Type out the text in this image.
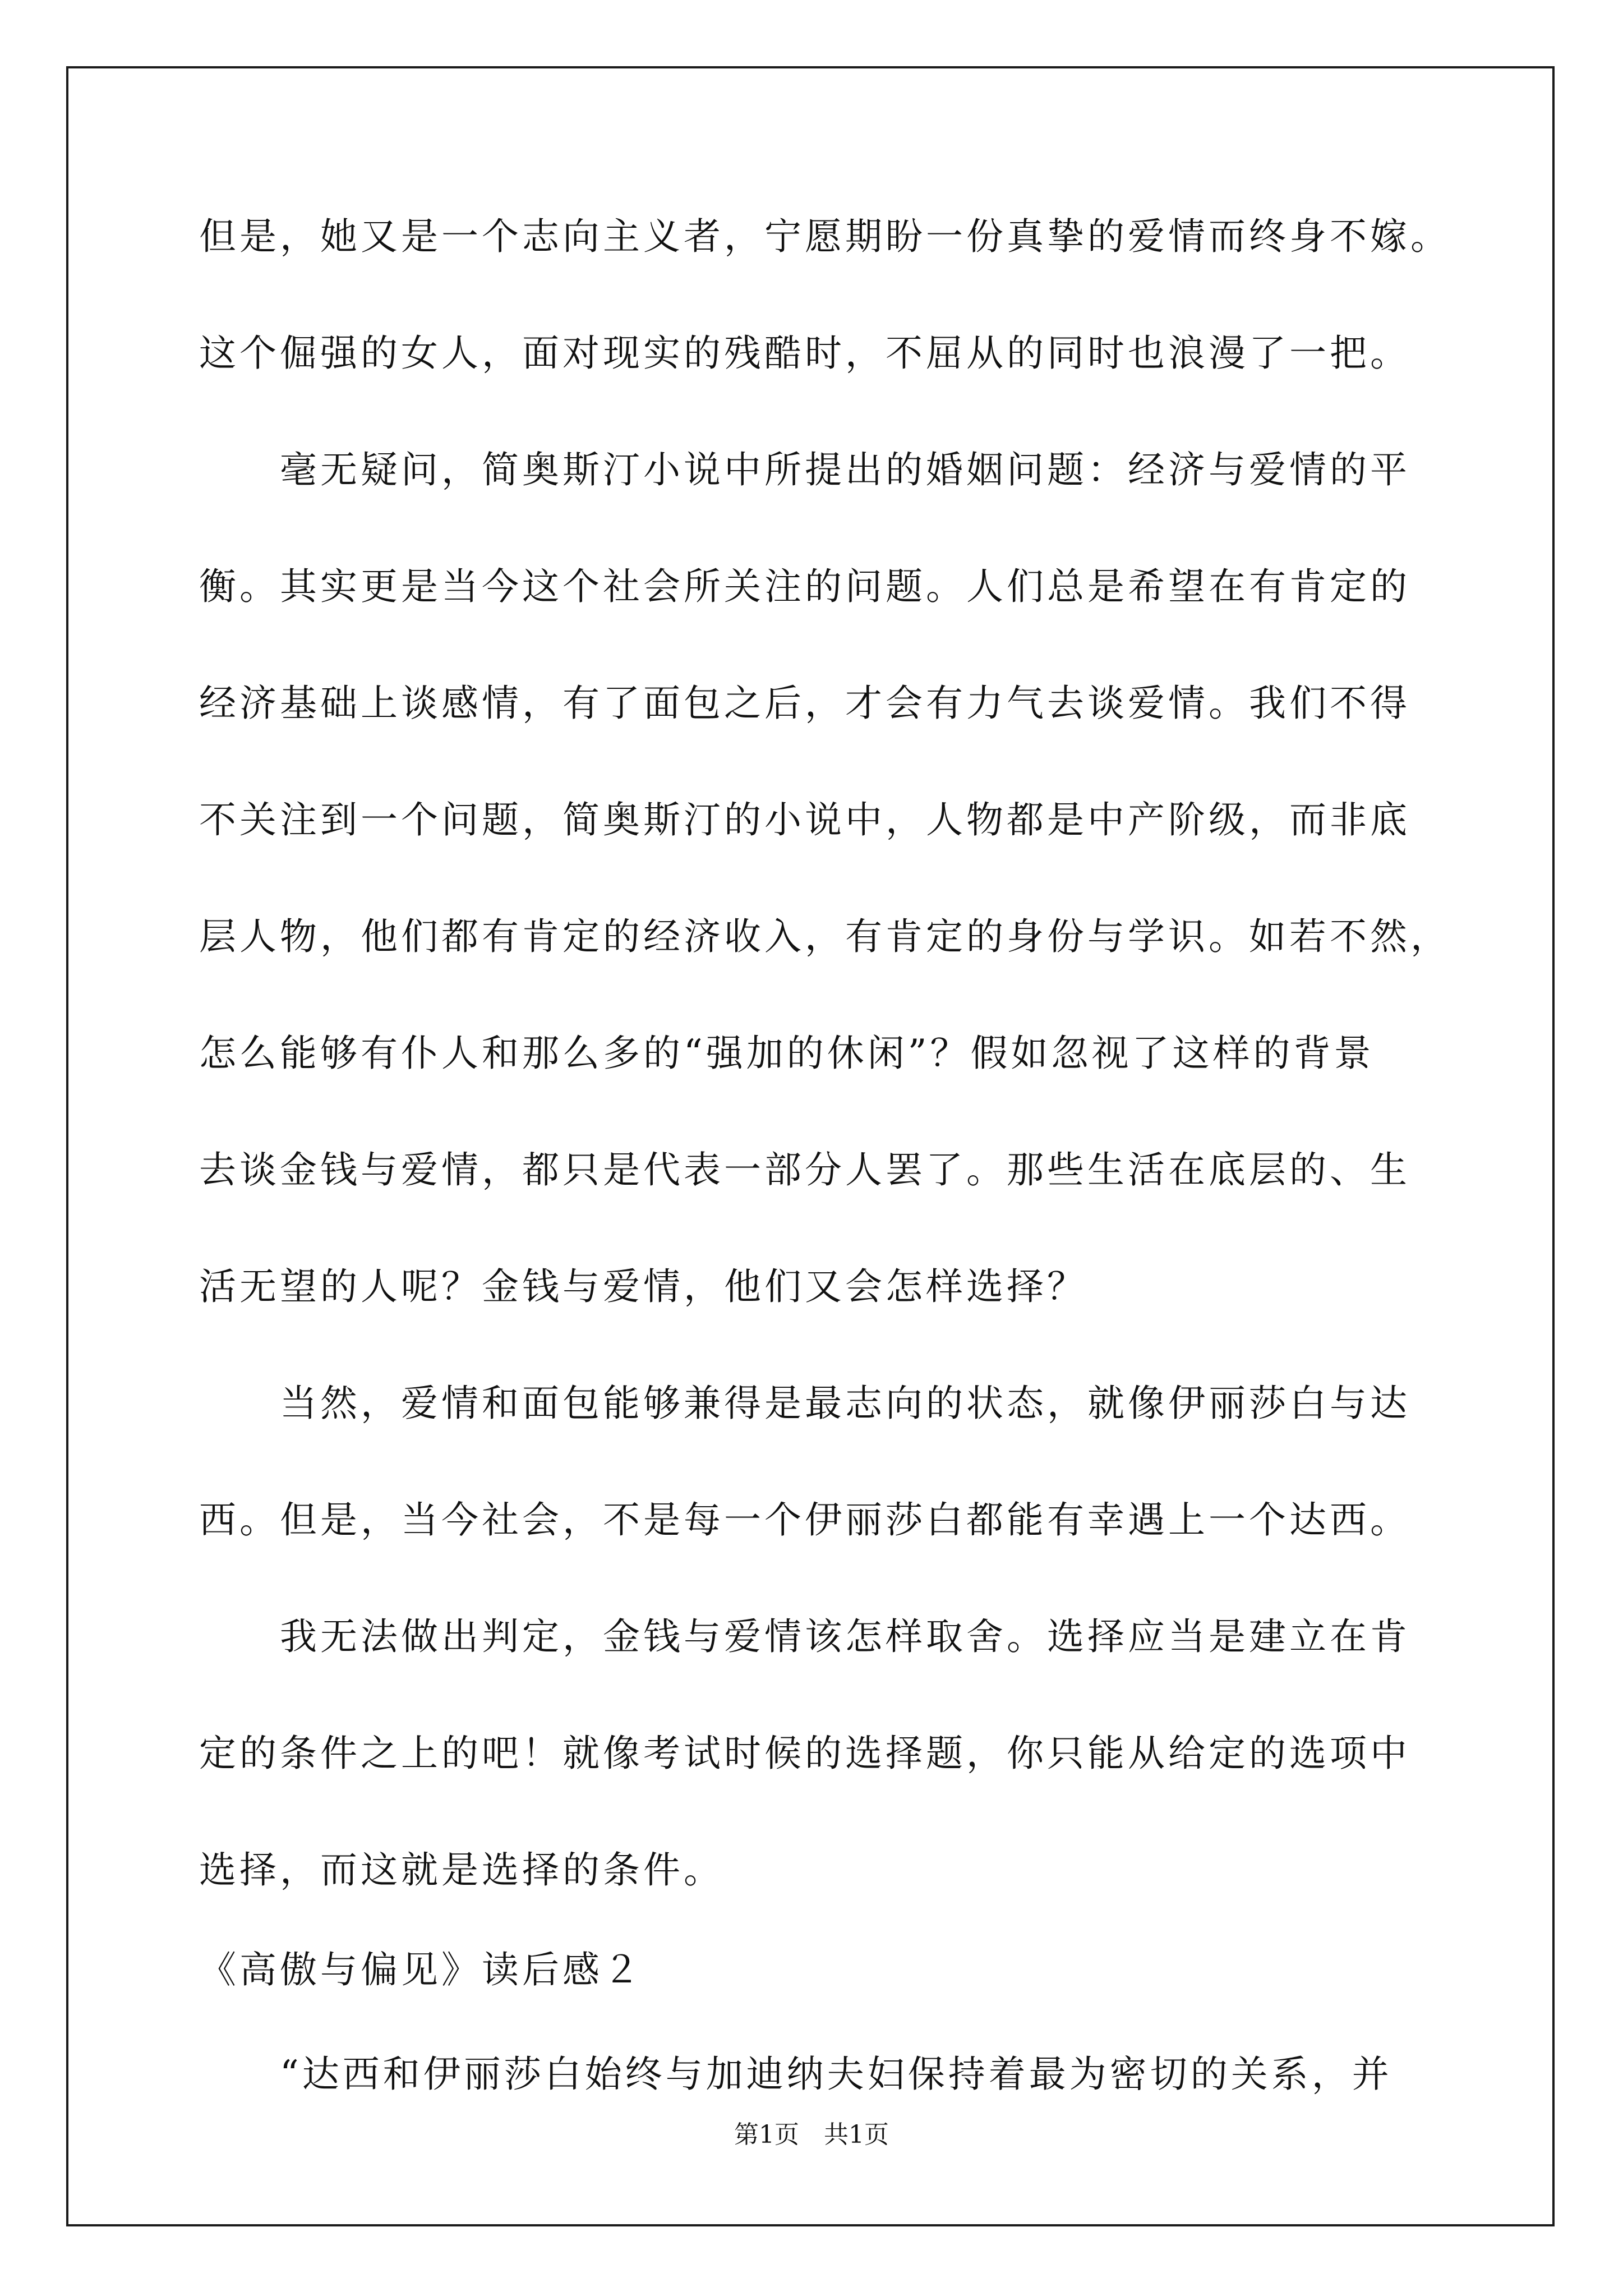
但是，她又是一个志向主义者，宁愿期盼一份真挚的爱情而终身不嫁。
这个倔强的女人，面对现实的残酷时，不屈从的同时也浪漫了一把。
　　毫无疑问，简奥斯汀小说中所提出的婚姻问题：经济与爱情的平
衡。其实更是当今这个社会所关注的问题。人们总是希望在有肯定的
经济基础上谈感情，有了面包之后，才会有力气去谈爱情。我们不得
不关注到一个问题，简奥斯汀的小说中，人物都是中产阶级，而非底
层人物，他们都有肯定的经济收入，有肯定的身份与学识。如若不然，
怎么能够有仆人和那么多的“强加的休闲”？假如忽视了这样的背景
去谈金钱与爱情，都只是代表一部分人罢了。那些生活在底层的、生
活无望的人呢？金钱与爱情，他们又会怎样选择？
　　当然，爱情和面包能够兼得是最志向的状态，就像伊丽莎白与达
西。但是，当今社会，不是每一个伊丽莎白都能有幸遇上一个达西。
　　我无法做出判定，金钱与爱情该怎样取舍。选择应当是建立在肯
定的条件之上的吧！就像考试时候的选择题，你只能从给定的选项中
选择，而这就是选择的条件。
《高傲与偏见》读后感２
　　“达西和伊丽莎白始终与加迪纳夫妇保持着最为密切的关系，并
第1页　共1页
